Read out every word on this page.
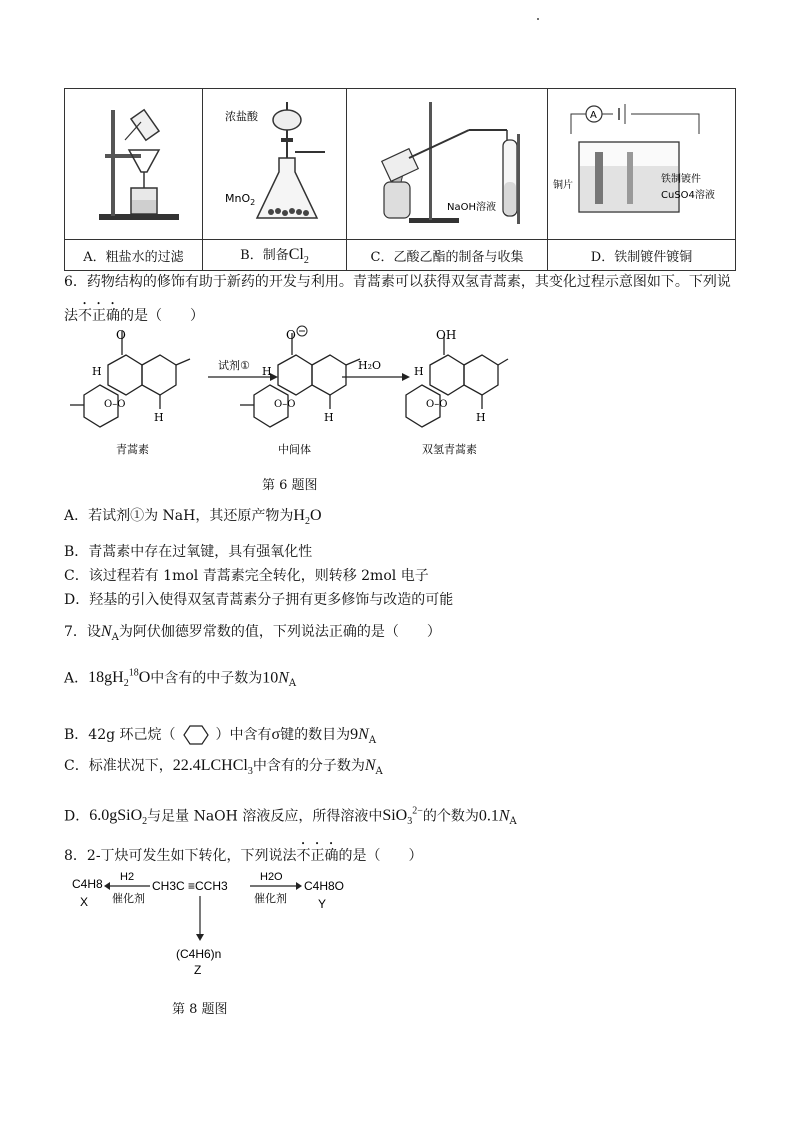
浓盐酸
MnO$_2$	NaOH溶液	A
铜片
铁制镀件
CuSO4溶液

A．粗盐水的过滤	B．制备$Cl_2$	C．乙酸乙酯的制备与收集	D．铁制镀件镀铜
6．药物结构的修饰有助于新药的开发与利用。青蒿素可以获得双氢青蒿素，其变化过程示意图如下。下列说
法不正确的是（　　）
O
H
O–O
H
青蒿素
试剂①
O
H
O–O
H
中间体
H₂O
OH
H
O–O
H
双氢青蒿素
第 6 题图
A．若试剂①为 NaH，其还原产物为$H_2O$
B．青蒿素中存在过氧键，具有强氧化性
C．该过程若有 1mol 青蒿素完全转化，则转移 2mol 电子
D．羟基的引入使得双氢青蒿素分子拥有更多修饰与改造的可能
7．设$N_A$为阿伏伽德罗常数的值，下列说法正确的是（　　）
A．$18gH_2^{18}O$中含有的中子数为$10N_A$
B．42g 环己烷（	）中含有σ键的数目为$9N_A$
C．标准状况下，22.4LCHCl$_3$中含有的分子数为$N_A$
D．6.0gSiO$_2$与足量 NaOH 溶液反应，所得溶液中SiO$_3^{2-}$的个数为$0.1N_A$
8．2-丁炔可发生如下转化，下列说法不正确的是（　　）
C4H8
X
H2
催化剂
CH3C ≡CCH3
H2O
催化剂
C4H8O
Y
(C4H6)n
Z
第 8 题图
